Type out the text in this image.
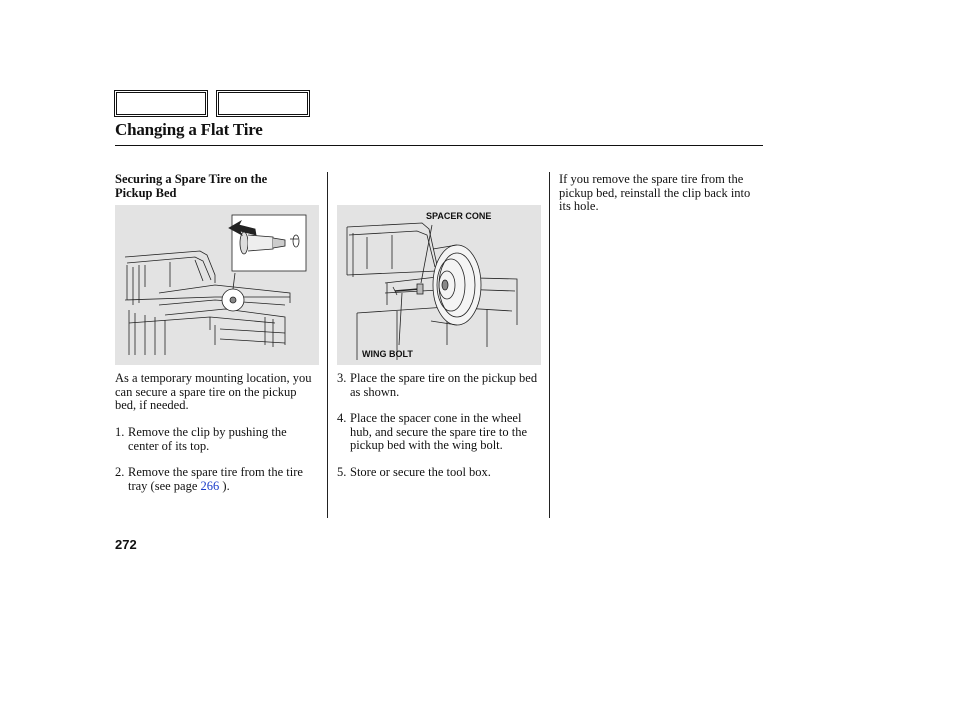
Changing a Flat Tire
Securing a Spare Tire on the Pickup Bed
As a temporary mounting location, you can secure a spare tire on the pickup bed, if needed.
1. Remove the clip by pushing the center of its top.
2. Remove the spare tire from the tire tray (see page 266 ).
SPACER CONE
WING BOLT
3. Place the spare tire on the pickup bed as shown.
4. Place the spacer cone in the wheel hub, and secure the spare tire to the pickup bed with the wing bolt.
5. Store or secure the tool box.
If you remove the spare tire from the pickup bed, reinstall the clip back into its hole.
272
